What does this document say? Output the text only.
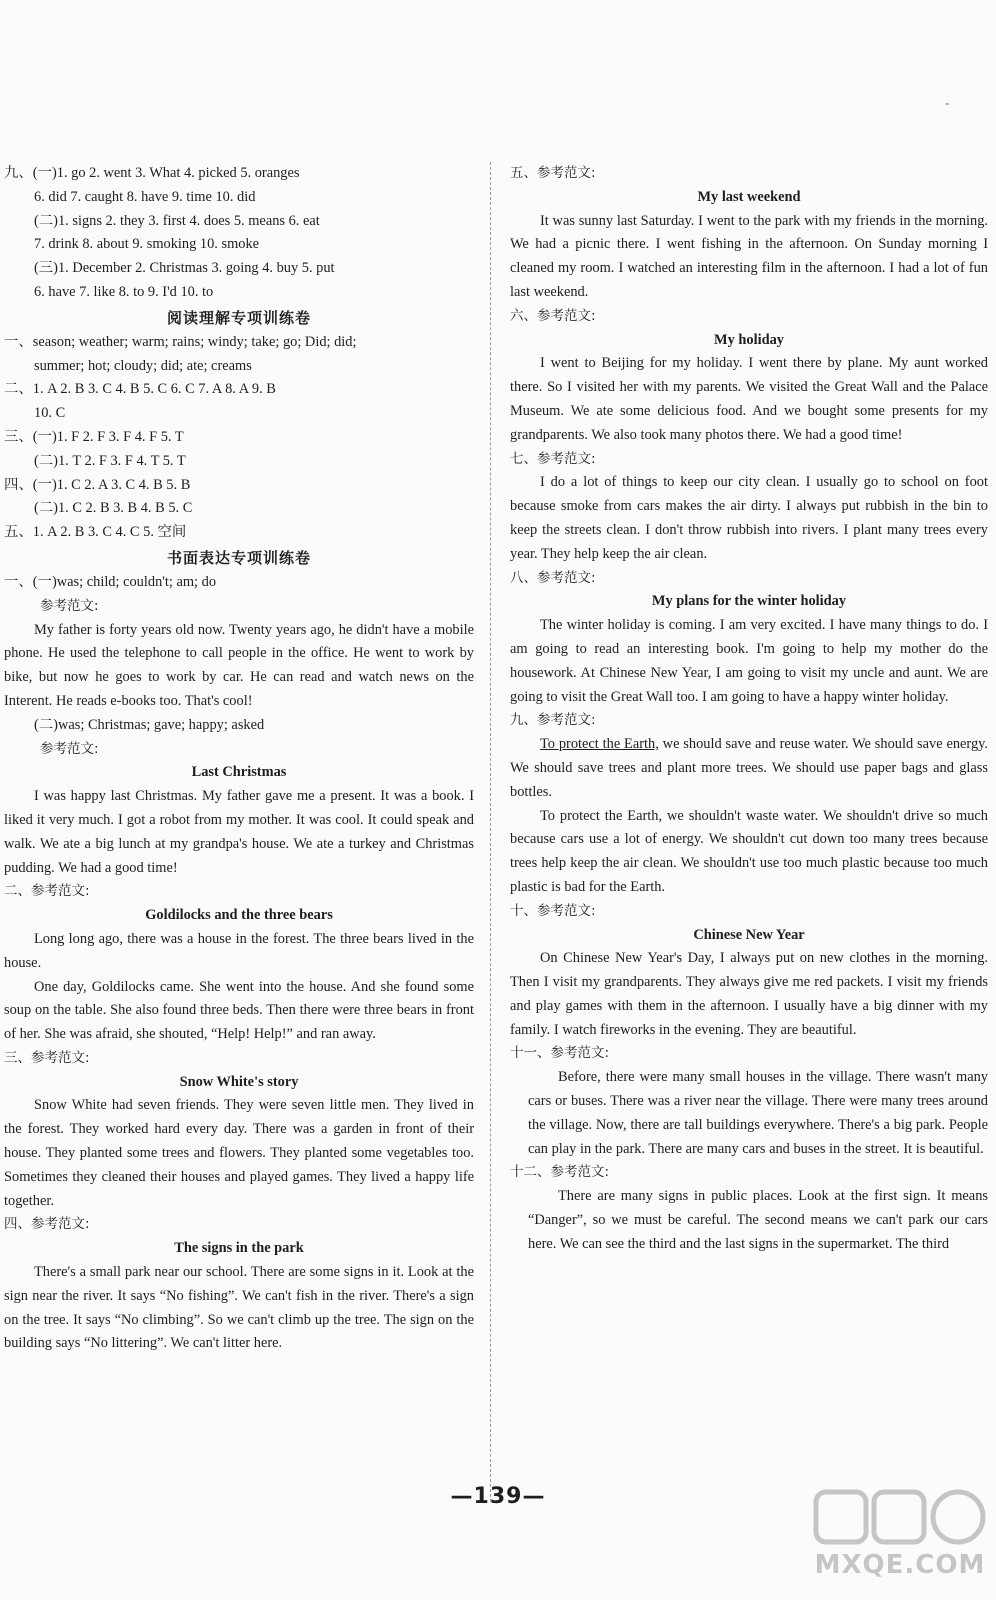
-
九、(一)1. go 2. went 3. What 4. picked 5. oranges
6. did 7. caught 8. have 9. time 10. did
(二)1. signs 2. they 3. first 4. does 5. means 6. eat
7. drink 8. about 9. smoking 10. smoke
(三)1. December 2. Christmas 3. going 4. buy 5. put
6. have 7. like 8. to 9. I'd 10. to
阅读理解专项训练卷
一、season; weather; warm; rains; windy; take; go; Did; did;
summer; hot; cloudy; did; ate; creams
二、1. A 2. B 3. C 4. B 5. C 6. C 7. A 8. A 9. B
10. C
三、(一)1. F 2. F 3. F 4. F 5. T
(二)1. T 2. F 3. F 4. T 5. T
四、(一)1. C 2. A 3. C 4. B 5. B
(二)1. C 2. B 3. B 4. B 5. C
五、1. A 2. B 3. C 4. C 5. 空间
书面表达专项训练卷
一、(一)was; child; couldn't; am; do
参考范文:
My father is forty years old now. Twenty years ago, he didn't have a mobile phone. He used the telephone to call people in the office. He went to work by bike, but now he goes to work by car. He can read and watch news on the Interent. He reads e-books too. That's cool!
(二)was; Christmas; gave; happy; asked
参考范文:
Last Christmas
I was happy last Christmas. My father gave me a present. It was a book. I liked it very much. I got a robot from my mother. It was cool. It could speak and walk. We ate a big lunch at my grandpa's house. We ate a turkey and Christmas pudding. We had a good time!
二、参考范文:
Goldilocks and the three bears
Long long ago, there was a house in the forest. The three bears lived in the house.
One day, Goldilocks came. She went into the house. And she found some soup on the table. She also found three beds. Then there were three bears in front of her. She was afraid, she shouted, “Help! Help!” and ran away.
三、参考范文:
Snow White's story
Snow White had seven friends. They were seven little men. They lived in the forest. They worked hard every day. There was a garden in front of their house. They planted some trees and flowers. They planted some vegetables too. Sometimes they cleaned their houses and played games. They lived a happy life together.
四、参考范文:
The signs in the park
There's a small park near our school. There are some signs in it. Look at the sign near the river. It says “No fishing”. We can't fish in the river. There's a sign on the tree. It says “No climbing”. So we can't climb up the tree. The sign on the building says “No littering”. We can't litter here.
五、参考范文:
My last weekend
It was sunny last Saturday. I went to the park with my friends in the morning. We had a picnic there. I went fishing in the afternoon. On Sunday morning I cleaned my room. I watched an interesting film in the afternoon. I had a lot of fun last weekend.
六、参考范文:
My holiday
I went to Beijing for my holiday. I went there by plane. My aunt worked there. So I visited her with my parents. We visited the Great Wall and the Palace Museum. We ate some delicious food. And we bought some presents for my grandparents. We also took many photos there. We had a good time!
七、参考范文:
I do a lot of things to keep our city clean. I usually go to school on foot because smoke from cars makes the air dirty. I always put rubbish in the bin to keep the streets clean. I don't throw rubbish into rivers. I plant many trees every year. They help keep the air clean.
八、参考范文:
My plans for the winter holiday
The winter holiday is coming. I am very excited. I have many things to do. I am going to read an interesting book. I'm going to help my mother do the housework. At Chinese New Year, I am going to visit my uncle and aunt. We are going to visit the Great Wall too. I am going to have a happy winter holiday.
九、参考范文:
To protect the Earth, we should save and reuse water. We should save energy. We should save trees and plant more trees. We should use paper bags and glass bottles.
To protect the Earth, we shouldn't waste water. We shouldn't drive so much because cars use a lot of energy. We shouldn't cut down too many trees because trees help keep the air clean. We shouldn't use too much plastic because too much plastic is bad for the Earth.
十、参考范文:
Chinese New Year
On Chinese New Year's Day, I always put on new clothes in the morning. Then I visit my grandparents. They always give me red packets. I visit my friends and play games with them in the afternoon. I usually have a big dinner with my family. I watch fireworks in the evening. They are beautiful.
十一、参考范文:
Before, there were many small houses in the village. There wasn't many cars or buses. There was a river near the village. There were many trees around the village. Now, there are tall buildings everywhere. There's a big park. People can play in the park. There are many cars and buses in the street. It is beautiful.
十二、参考范文:
There are many signs in public places. Look at the first sign. It means “Danger”, so we must be careful. The second means we can't park our cars here. We can see the third and the last signs in the supermarket. The third
—139—
MXQE.COM
